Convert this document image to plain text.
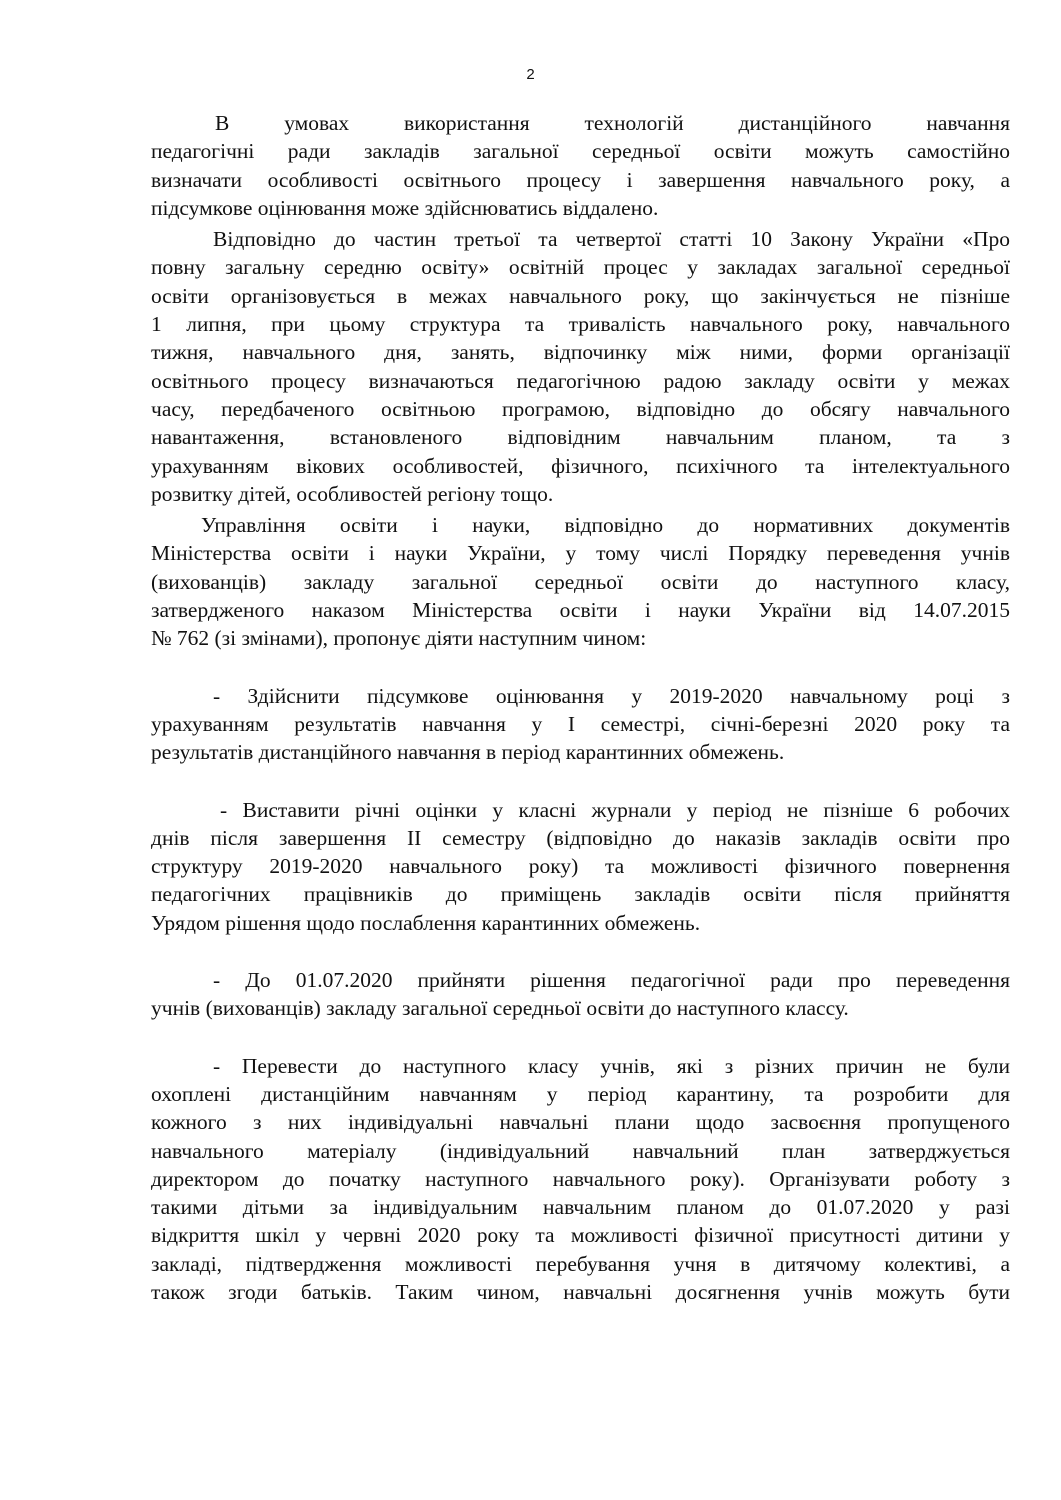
2
В умовах використання технологій дистанційного навчання
педагогічні ради закладів загальної середньої освіти можуть самостійно
визначати особливості освітнього процесу і завершення навчального року, а
підсумкове оцінювання може здійснюватись віддалено.
Відповідно до частин третьої та четвертої статті 10 Закону України «Про
повну загальну середню освіту» освітній процес у закладах загальної середньої
освіти організовується в межах навчального року, що закінчується не пізніше
1 липня, при цьому структура та тривалість навчального року, навчального
тижня, навчального дня, занять, відпочинку між ними, форми організації
освітнього процесу визначаються педагогічною радою закладу освіти у межах
часу, передбаченого освітньою програмою, відповідно до обсягу навчального
навантаження, встановленого відповідним навчальним планом, та з
урахуванням вікових особливостей, фізичного, психічного та інтелектуального
розвитку дітей, особливостей регіону тощо.
Управління освіти і науки, відповідно до нормативних документів
Міністерства освіти і науки України, у тому числі Порядку переведення учнів
(вихованців) закладу загальної середньої освіти до наступного класу,
затвердженого наказом Міністерства освіти і науки України від 14.07.2015
№ 762 (зі змінами), пропонує діяти наступним чином:
- Здійснити підсумкове оцінювання у 2019-2020 навчальному році з
урахуванням результатів навчання у І семестрі, січні-березні 2020 року та
результатів дистанційного навчання в період карантинних обмежень.
- Виставити річні оцінки у класні журнали у період не пізніше 6 робочих
днів після завершення ІІ семестру (відповідно до наказів закладів освіти про
структуру 2019-2020 навчального року) та можливості фізичного повернення
педагогічних працівників до приміщень закладів освіти після прийняття
Урядом рішення щодо послаблення карантинних обмежень.
- До 01.07.2020 прийняти рішення педагогічної ради про переведення
учнів (вихованців) закладу загальної середньої освіти до наступного классу.
- Перевести до наступного класу учнів, які з різних причин не були
охоплені дистанційним навчанням у період карантину, та розробити для
кожного з них індивідуальні навчальні плани щодо засвоєння пропущеного
навчального матеріалу (індивідуальний навчальний план затверджується
директором до початку наступного навчального року). Організувати роботу з
такими дітьми за індивідуальним навчальним планом до 01.07.2020 у разі
відкриття шкіл у червні 2020 року та можливості фізичної присутності дитини у
закладі, підтвердження можливості перебування учня в дитячому колективі, а
також згоди батьків. Таким чином, навчальні досягнення учнів можуть бути
